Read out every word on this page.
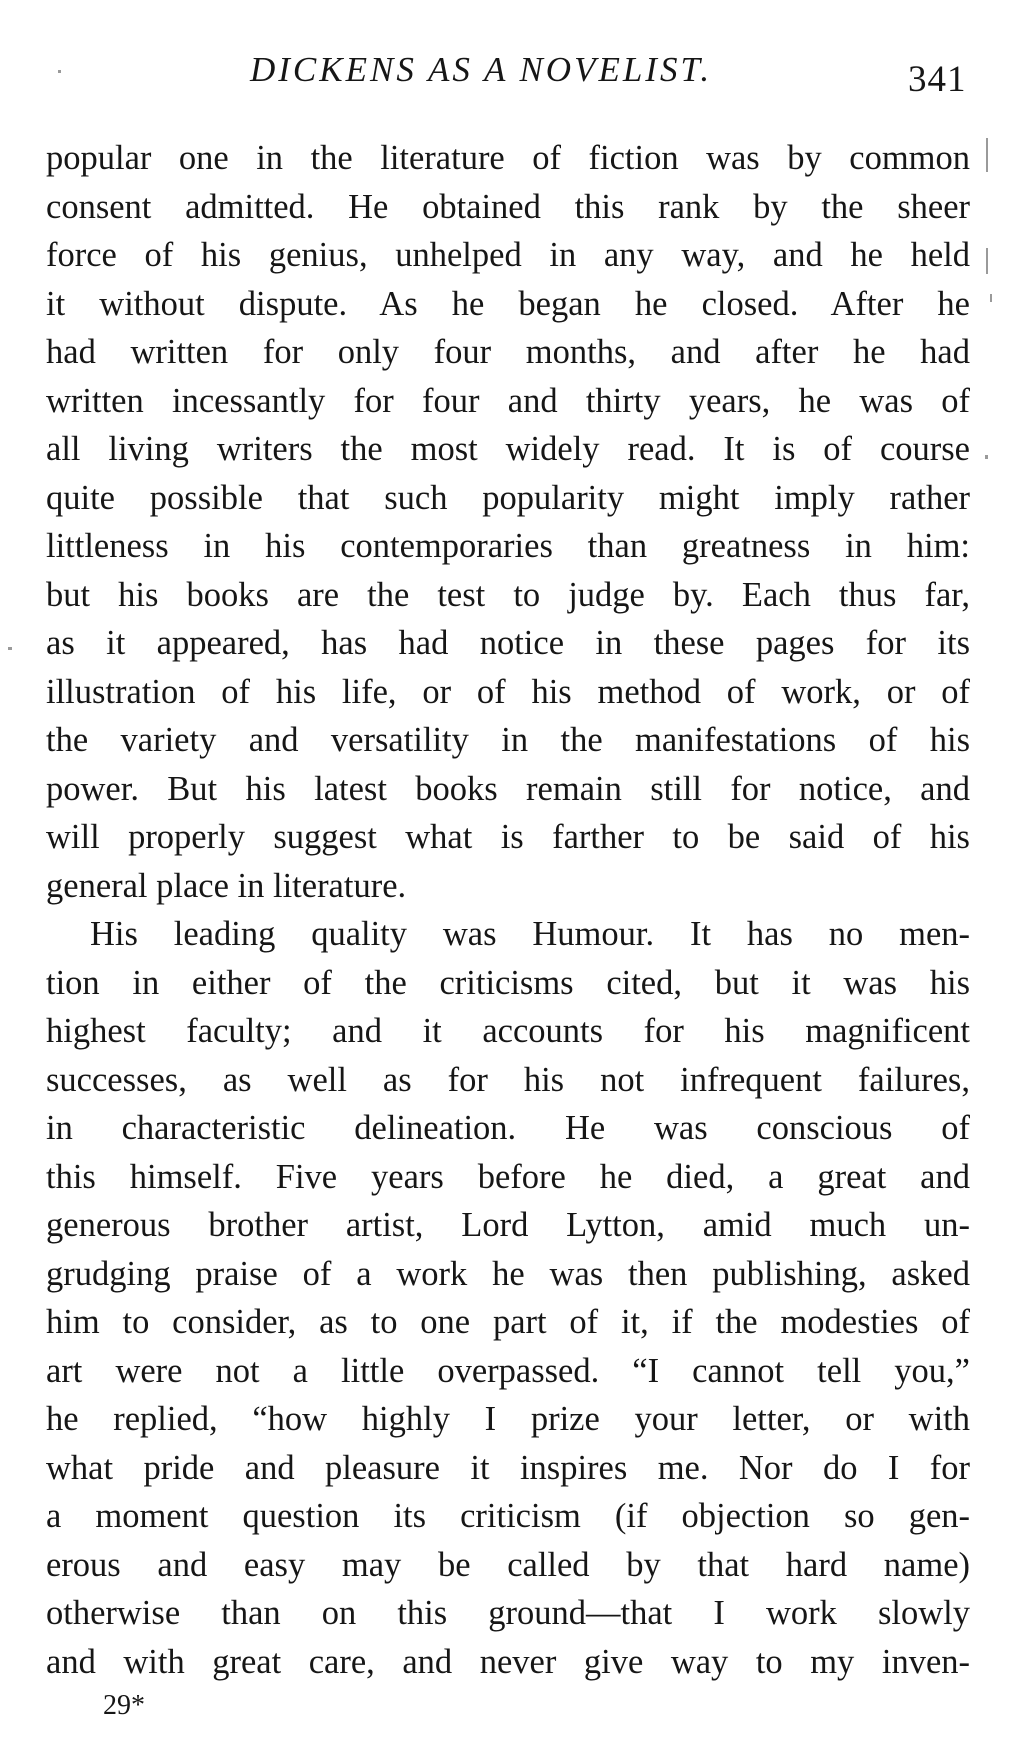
DICKENS AS A NOVELIST.	341
popular one in the literature of fiction was by common
consent admitted. He obtained this rank by the sheer
force of his genius, unhelped in any way, and he held
it without dispute. As he began he closed. After he
had written for only four months, and after he had
written incessantly for four and thirty years, he was of
all living writers the most widely read. It is of course
quite possible that such popularity might imply rather
littleness in his contemporaries than greatness in him:
but his books are the test to judge by. Each thus far,
as it appeared, has had notice in these pages for its
illustration of his life, or of his method of work, or of
the variety and versatility in the manifestations of his
power. But his latest books remain still for notice, and
will properly suggest what is farther to be said of his
general place in literature.
His leading quality was Humour. It has no men-
tion in either of the criticisms cited, but it was his
highest faculty; and it accounts for his magnificent
successes, as well as for his not infrequent failures,
in characteristic delineation. He was conscious of
this himself. Five years before he died, a great and
generous brother artist, Lord Lytton, amid much un-
grudging praise of a work he was then publishing, asked
him to consider, as to one part of it, if the modesties of
art were not a little overpassed. “I cannot tell you,”
he replied, “how highly I prize your letter, or with
what pride and pleasure it inspires me. Nor do I for
a moment question its criticism (if objection so gen-
erous and easy may be called by that hard name)
otherwise than on this ground—that I work slowly
and with great care, and never give way to my inven-
29*
